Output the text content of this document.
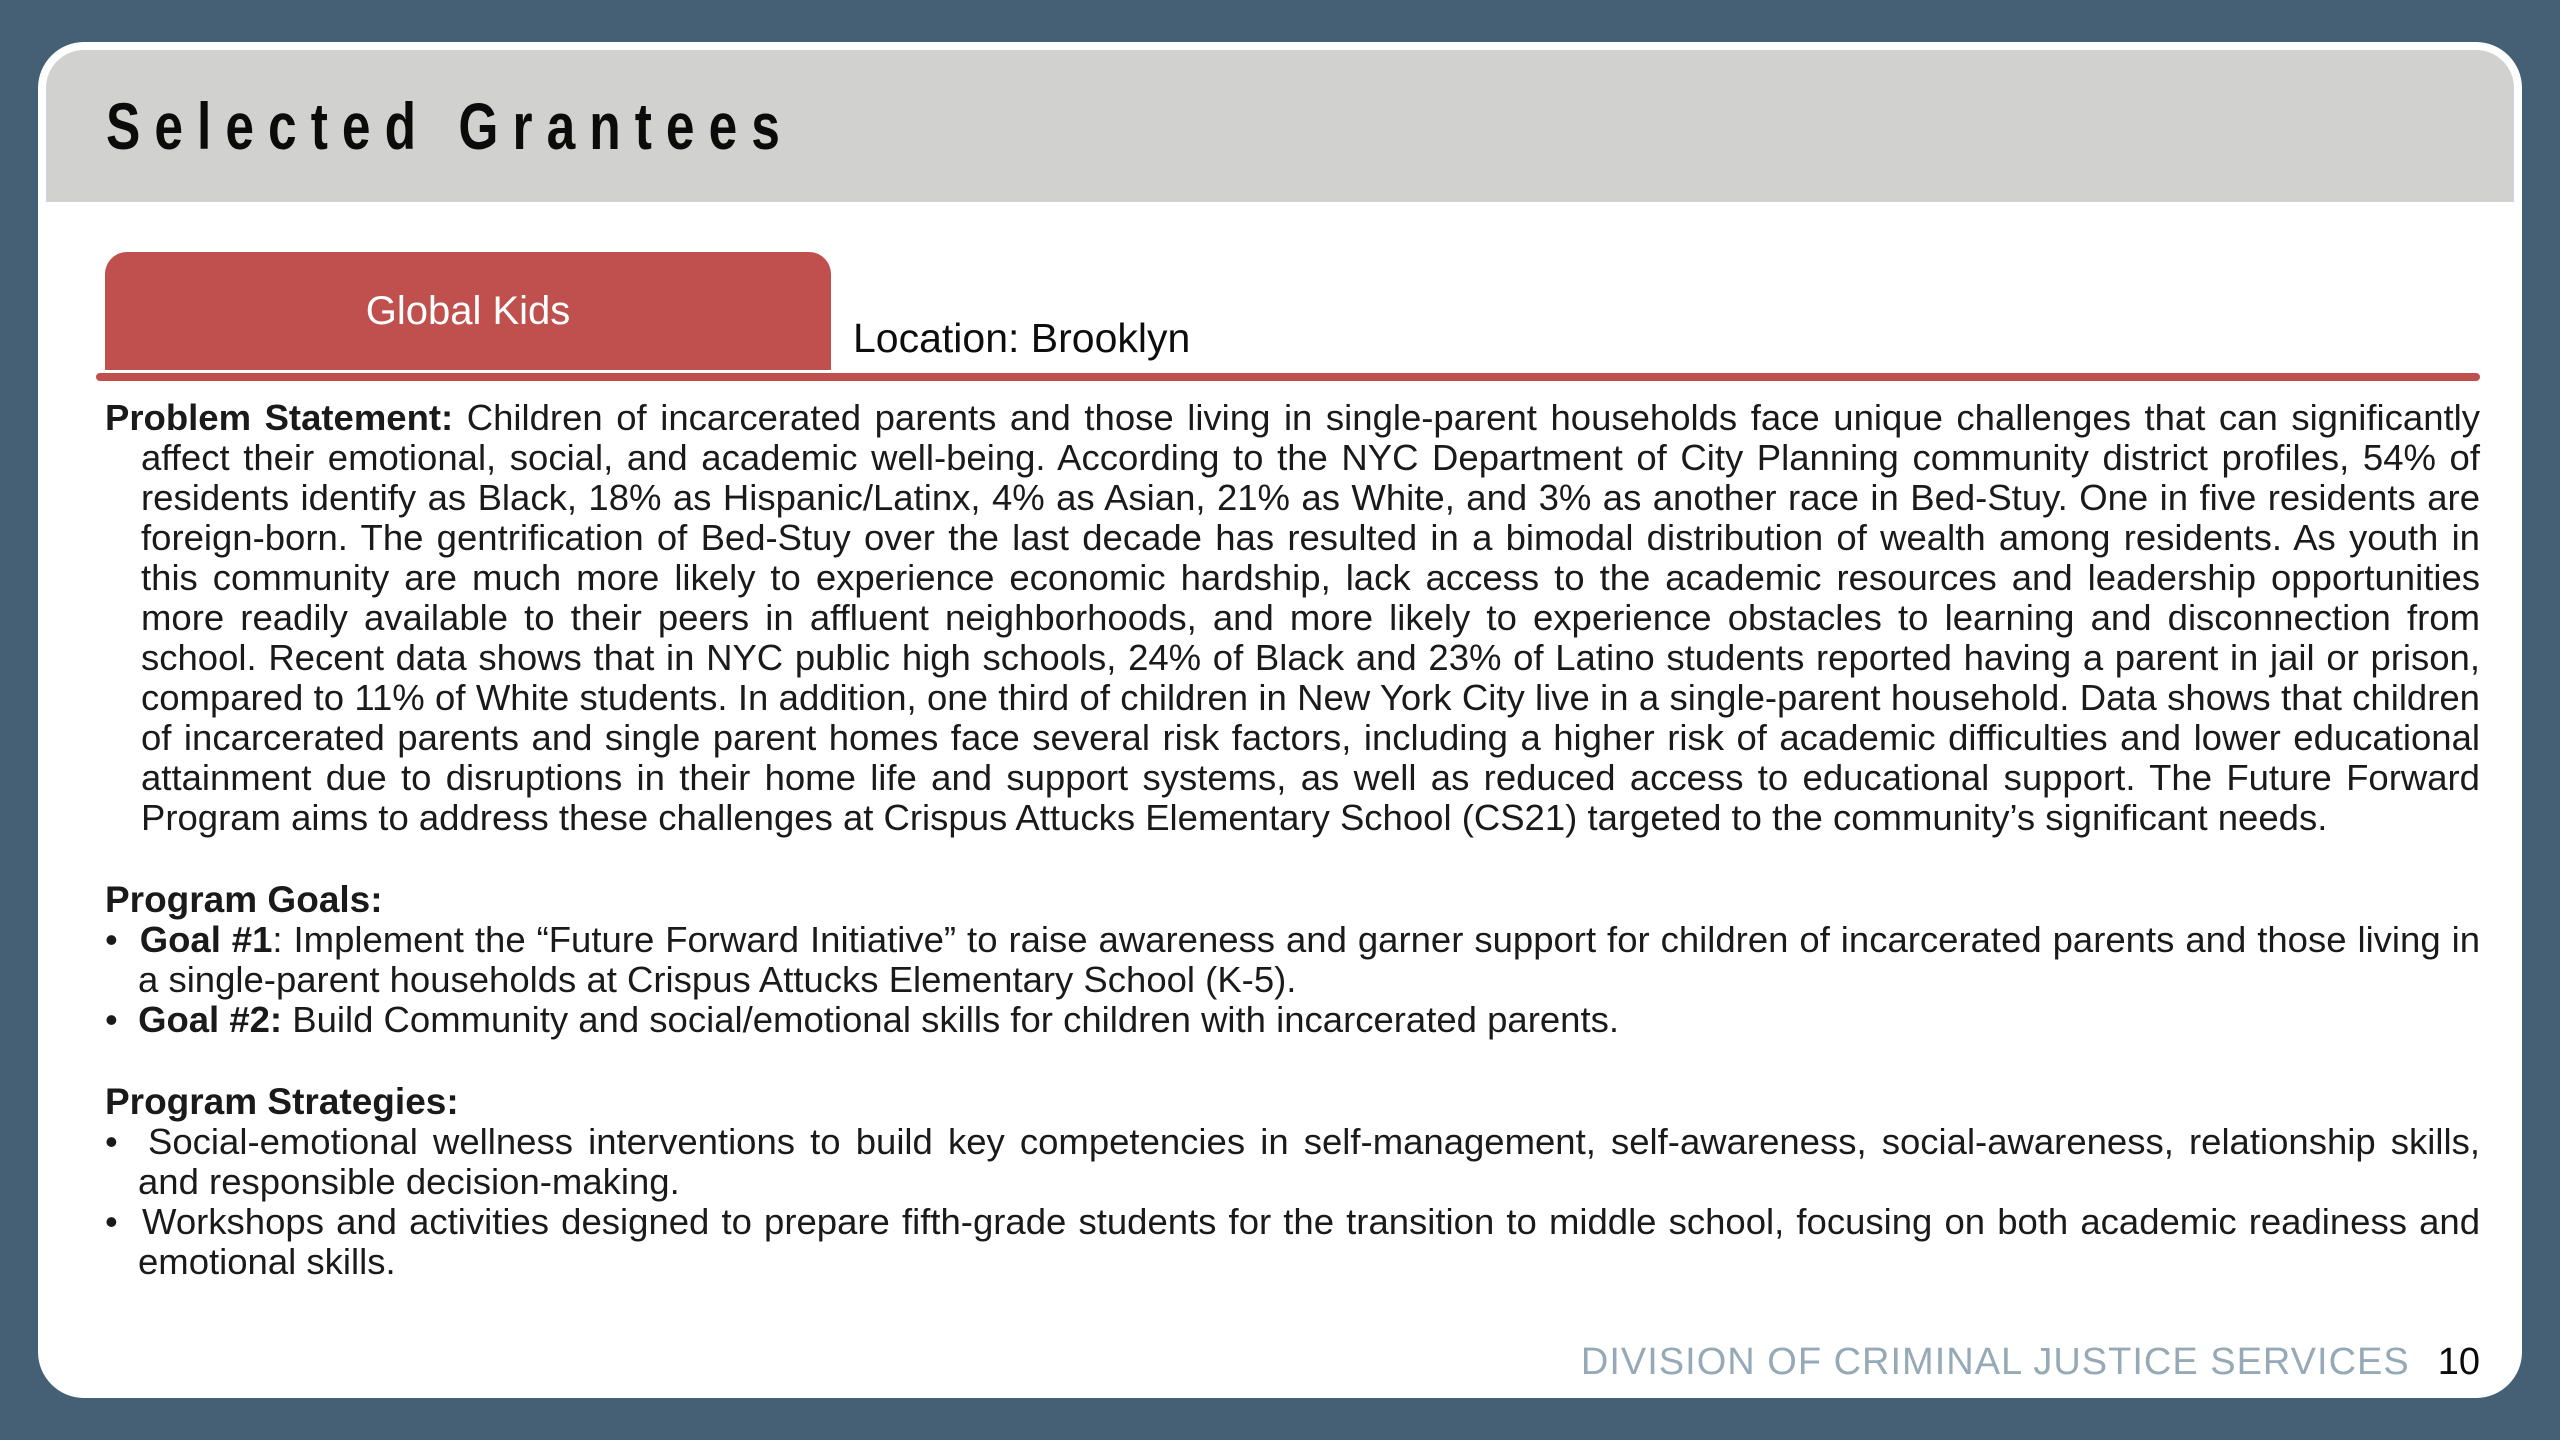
Selected Grantees
Global Kids
Location: Brooklyn

Problem Statement: Children of incarcerated parents and those living in single-parent households face unique challenges that can significantly affect their emotional, social, and academic well-being. According to the NYC Department of City Planning community district profiles, 54% of residents identify as Black, 18% as Hispanic/Latinx, 4% as Asian, 21% as White, and 3% as another race in Bed-Stuy. One in five residents are foreign-born. The gentrification of Bed-Stuy over the last decade has resulted in a bimodal distribution of wealth among residents. As youth in this community are much more likely to experience economic hardship, lack access to the academic resources and leadership opportunities more readily available to their peers in affluent neighborhoods, and more likely to experience obstacles to learning and disconnection from school. Recent data shows that in NYC public high schools, 24% of Black and 23% of Latino students reported having a parent in jail or prison, compared to 11% of White students. In addition, one third of children in New York City live in a single-parent household. Data shows that children of incarcerated parents and single parent homes face several risk factors, including a higher risk of academic difficulties and lower educational attainment due to disruptions in their home life and support systems, as well as reduced access to educational support. The Future Forward Program aims to address these challenges at Crispus Attucks Elementary School (CS21) targeted to the community’s significant needs.

Program Goals:

•  Goal #1: Implement the “Future Forward Initiative” to raise awareness and garner support for children of incarcerated parents and those living in a single-parent households at Crispus Attucks Elementary School (K-5).

•  Goal #2: Build Community and social/emotional skills for children with incarcerated parents.

Program Strategies:

•  Social-emotional wellness interventions to build key competencies in self-management, self-awareness, social-awareness, relationship skills, and responsible decision-making.

•  Workshops and activities designed to prepare fifth-grade students for the transition to middle school, focusing on both academic readiness and emotional skills.

DIVISION OF CRIMINAL JUSTICE SERVICES 10
